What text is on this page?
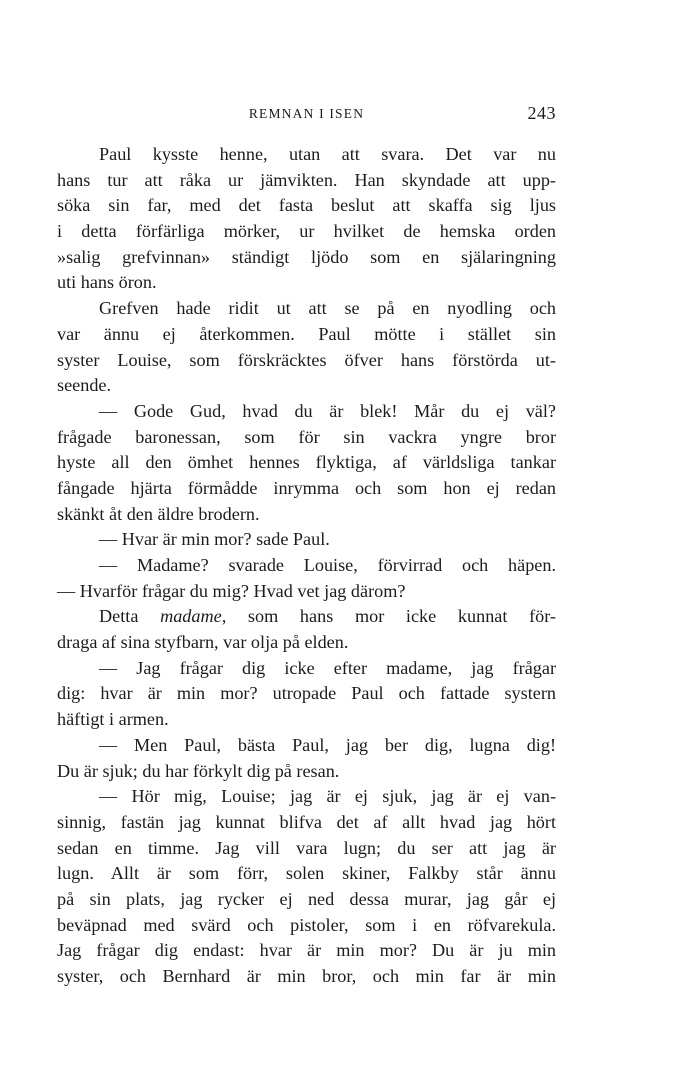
REMNAN I ISEN	243
Paul kysste henne, utan att svara. Det var nu
hans tur att råka ur jämvikten. Han skyndade att upp-
söka sin far, med det fasta beslut att skaffa sig ljus
i detta förfärliga mörker, ur hvilket de hemska orden
»salig grefvinnan» ständigt ljödo som en själaringning
uti hans öron.
Grefven hade ridit ut att se på en nyodling och
var ännu ej återkommen. Paul mötte i stället sin
syster Louise, som förskräcktes öfver hans förstörda ut-
seende.
— Gode Gud, hvad du är blek! Mår du ej väl?
frågade baronessan, som för sin vackra yngre bror
hyste all den ömhet hennes flyktiga, af världsliga tankar
fångade hjärta förmådde inrymma och som hon ej redan
skänkt åt den äldre brodern.
— Hvar är min mor? sade Paul.
— Madame? svarade Louise, förvirrad och häpen.
— Hvarför frågar du mig? Hvad vet jag därom?
Detta madame, som hans mor icke kunnat för-
draga af sina styfbarn, var olja på elden.
— Jag frågar dig icke efter madame, jag frågar
dig: hvar är min mor? utropade Paul och fattade systern
häftigt i armen.
— Men Paul, bästa Paul, jag ber dig, lugna dig!
Du är sjuk; du har förkylt dig på resan.
— Hör mig, Louise; jag är ej sjuk, jag är ej van-
sinnig, fastän jag kunnat blifva det af allt hvad jag hört
sedan en timme. Jag vill vara lugn; du ser att jag är
lugn. Allt är som förr, solen skiner, Falkby står ännu
på sin plats, jag rycker ej ned dessa murar, jag går ej
beväpnad med svärd och pistoler, som i en röfvarekula.
Jag frågar dig endast: hvar är min mor? Du är ju min
syster, och Bernhard är min bror, och min far är min
